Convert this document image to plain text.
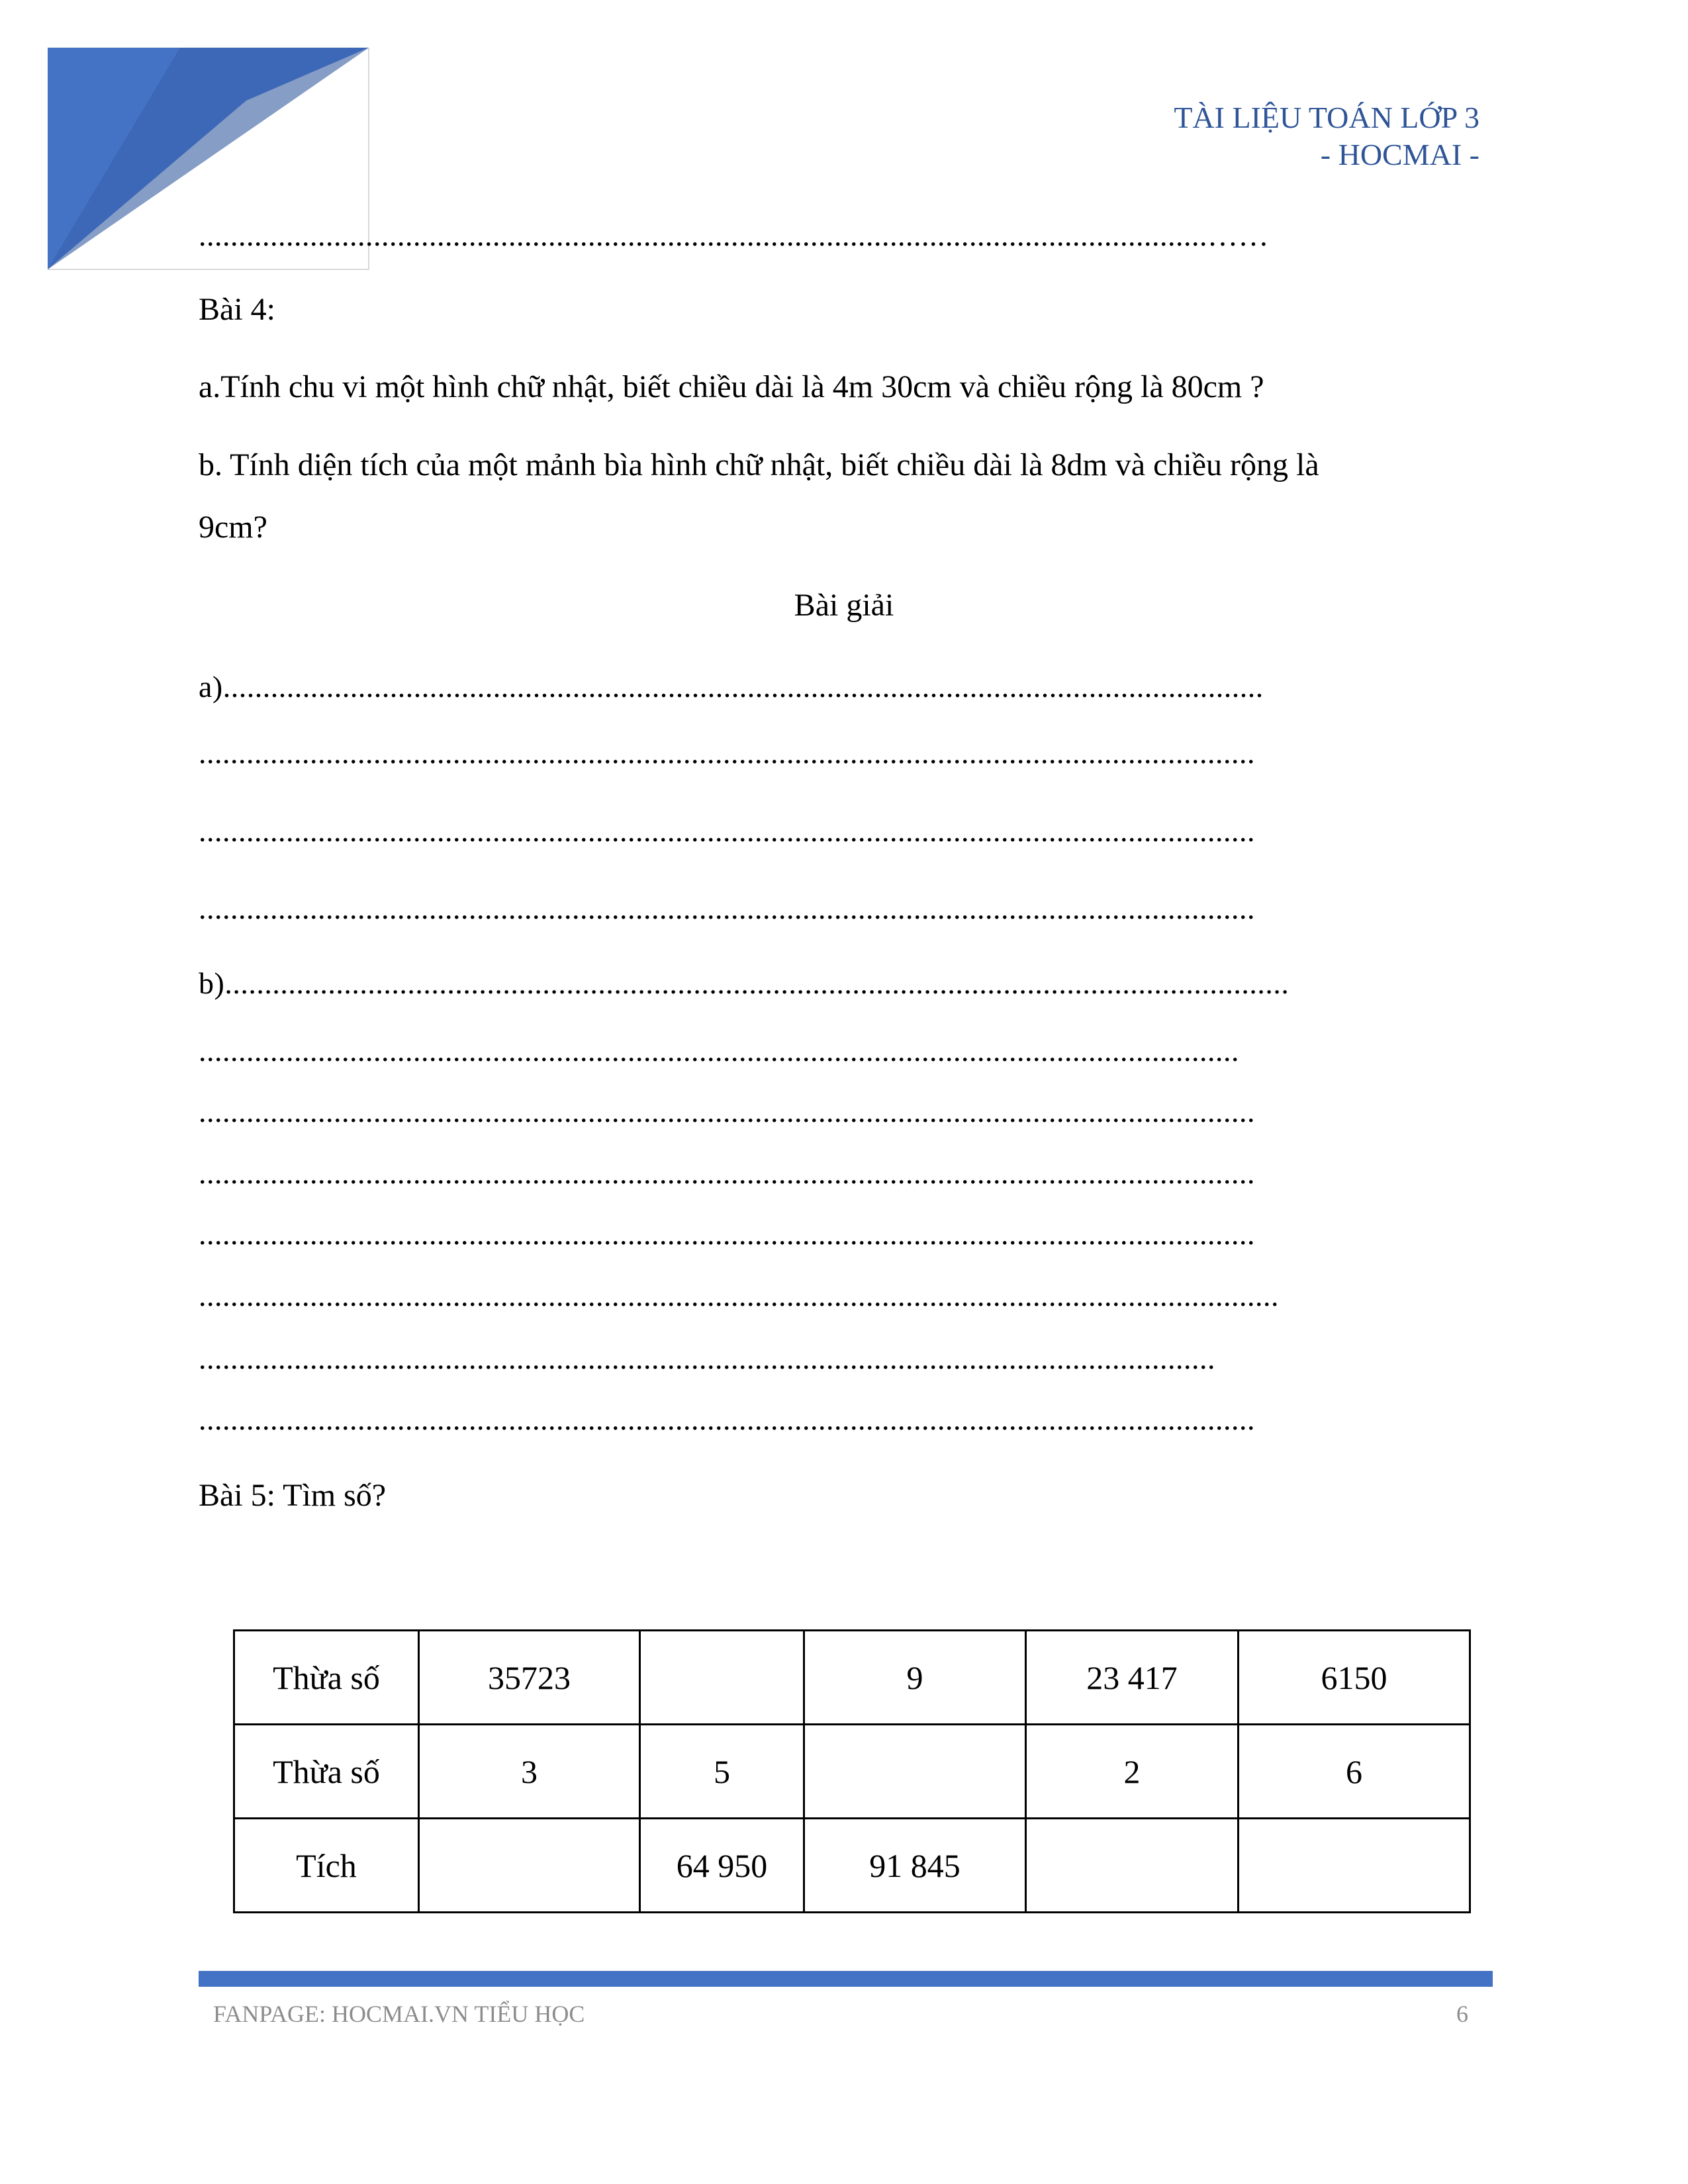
TÀI LIỆU TOÁN LỚP 3
- HOCMAI -
...............................................................................................................................……
Bài 4:
a.Tính chu vi một hình chữ nhật, biết chiều dài là 4m 30cm và chiều rộng là 80cm ?
b. Tính diện tích của một mảnh bìa hình chữ nhật, biết chiều dài là 8dm và chiều rộng là
9cm?
Bài giải
a)...................................................................................................................................
.....................................................................................................................................
.....................................................................................................................................
.....................................................................................................................................
b)......................................................................................................................................
...................................................................................................................................
.....................................................................................................................................
.....................................................................................................................................
.....................................................................................................................................
........................................................................................................................................
................................................................................................................................
.....................................................................................................................................
Bài 5: Tìm số?
Thừa số	35723		9	23 417	6150
Thừa số	3	5		2	6
Tích		64 950	91 845		
FANPAGE: HOCMAI.VN TIỂU HỌC	6
